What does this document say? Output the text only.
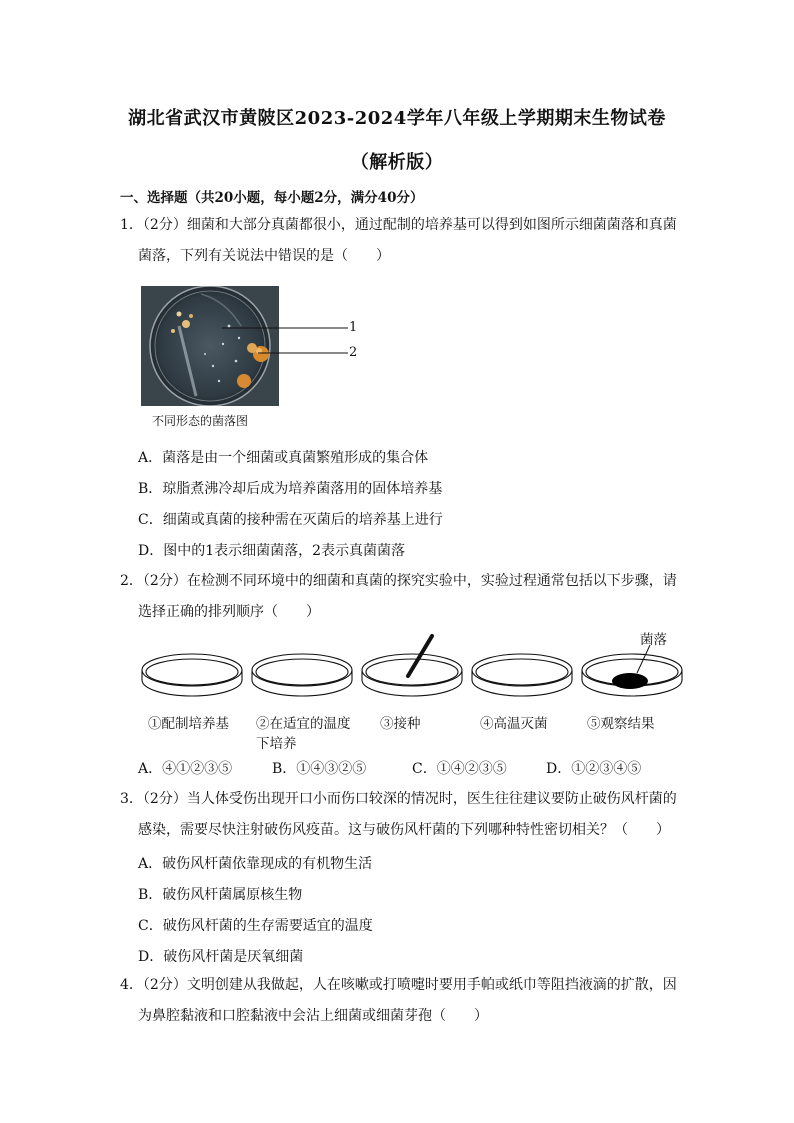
湖北省武汉市黄陂区2023-2024学年八年级上学期期末生物试卷
（解析版）
一、选择题（共20小题，每小题2分，满分40分）
1．（2分）细菌和大部分真菌都很小，通过配制的培养基可以得到如图所示细菌菌落和真菌
菌落，下列有关说法中错误的是（　　）
1
2
不同形态的菌落图
A．菌落是由一个细菌或真菌繁殖形成的集合体
B．琼脂煮沸冷却后成为培养菌落用的固体培养基
C．细菌或真菌的接种需在灭菌后的培养基上进行
D．图中的1表示细菌菌落，2表示真菌菌落
2．（2分）在检测不同环境中的细菌和真菌的探究实验中，实验过程通常包括以下步骤，请
选择正确的排列顺序（　　）
菌落
①配制培养基 ②在适宜的温度
下培养
③接种	④高温灭菌	⑤观察结果
A．④①②③⑤	B．①④③②⑤	C．①④②③⑤	D．①②③④⑤
3．（2分）当人体受伤出现开口小而伤口较深的情况时，医生往往建议要防止破伤风杆菌的
感染，需要尽快注射破伤风疫苗。这与破伤风杆菌的下列哪种特性密切相关？（　　）
A．破伤风杆菌依靠现成的有机物生活
B．破伤风杆菌属原核生物
C．破伤风杆菌的生存需要适宜的温度
D．破伤风杆菌是厌氧细菌
4．（2分）文明创建从我做起，人在咳嗽或打喷嚏时要用手帕或纸巾等阻挡液滴的扩散，因
为鼻腔黏液和口腔黏液中会沾上细菌或细菌芽孢（　　）
